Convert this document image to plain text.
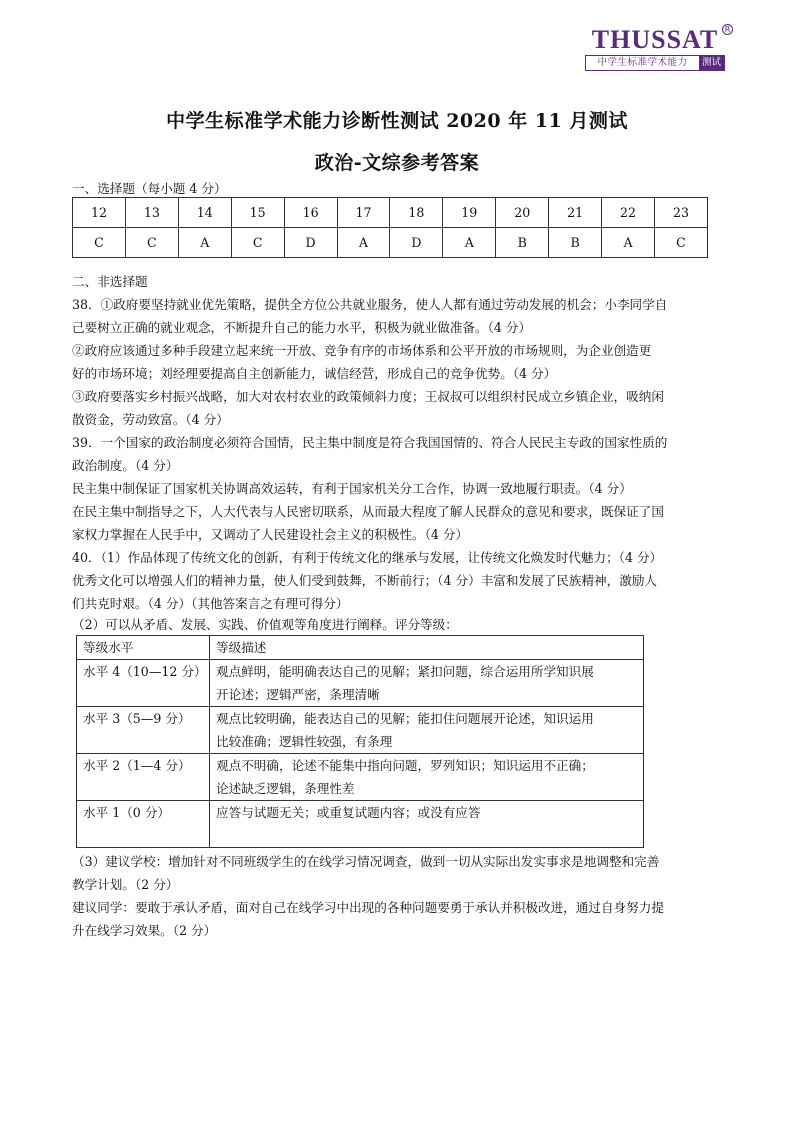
THUSSAT R
中学生标准学术能力	测试
中学生标准学术能力诊断性测试 2020 年 11 月测试
政治-文综参考答案

一、选择题（每小题 4 分）

12	13	14	15	16	17	18	19	20	21	22	23
C	C	A	C	D	A	D	A	B	B	A	C

二、非选择题

38．①政府要坚持就业优先策略，提供全方位公共就业服务，使人人都有通过劳动发展的机会；小李同学自

己要树立正确的就业观念，不断提升自己的能力水平，积极为就业做准备。（4 分）

②政府应该通过多种手段建立起来统一开放、竞争有序的市场体系和公平开放的市场规则，为企业创造更

好的市场环境；刘经理要提高自主创新能力，诚信经营，形成自己的竞争优势。（4 分）

③政府要落实乡村振兴战略，加大对农村农业的政策倾斜力度；王叔叔可以组织村民成立乡镇企业，吸纳闲

散资金，劳动致富。（4 分）

39．一个国家的政治制度必须符合国情，民主集中制度是符合我国国情的、符合人民民主专政的国家性质的

政治制度。（4 分）

民主集中制保证了国家机关协调高效运转，有利于国家机关分工合作，协调一致地履行职责。（4 分）

在民主集中制指导之下，人大代表与人民密切联系，从而最大程度了解人民群众的意见和要求，既保证了国

家权力掌握在人民手中，又调动了人民建设社会主义的积极性。（4 分）

40．（1）作品体现了传统文化的创新，有利于传统文化的继承与发展，让传统文化焕发时代魅力；（4 分）

优秀文化可以增强人们的精神力量，使人们受到鼓舞，不断前行；（4 分）丰富和发展了民族精神，激励人

们共克时艰。（4 分）（其他答案言之有理可得分）

（2）可以从矛盾、发展、实践、价值观等角度进行阐释。评分等级：

等级水平	等级描述
水平 4（10—12 分）	观点鲜明，能明确表达自己的见解；紧扣问题，综合运用所学知识展
开论述；逻辑严密，条理清晰

水平 3（5—9 分）	观点比较明确，能表达自己的见解；能扣住问题展开论述，知识运用
比较准确；逻辑性较强，有条理

水平 2（1—4 分）	观点不明确，论述不能集中指向问题，罗列知识；知识运用不正确；
论述缺乏逻辑，条理性差

水平 1（0 分）	应答与试题无关；或重复试题内容；或没有应答

（3）建议学校：增加针对不同班级学生的在线学习情况调查，做到一切从实际出发实事求是地调整和完善

教学计划。（2 分）

建议同学：要敢于承认矛盾，面对自己在线学习中出现的各种问题要勇于承认并积极改进，通过自身努力提

升在线学习效果。（2 分）
